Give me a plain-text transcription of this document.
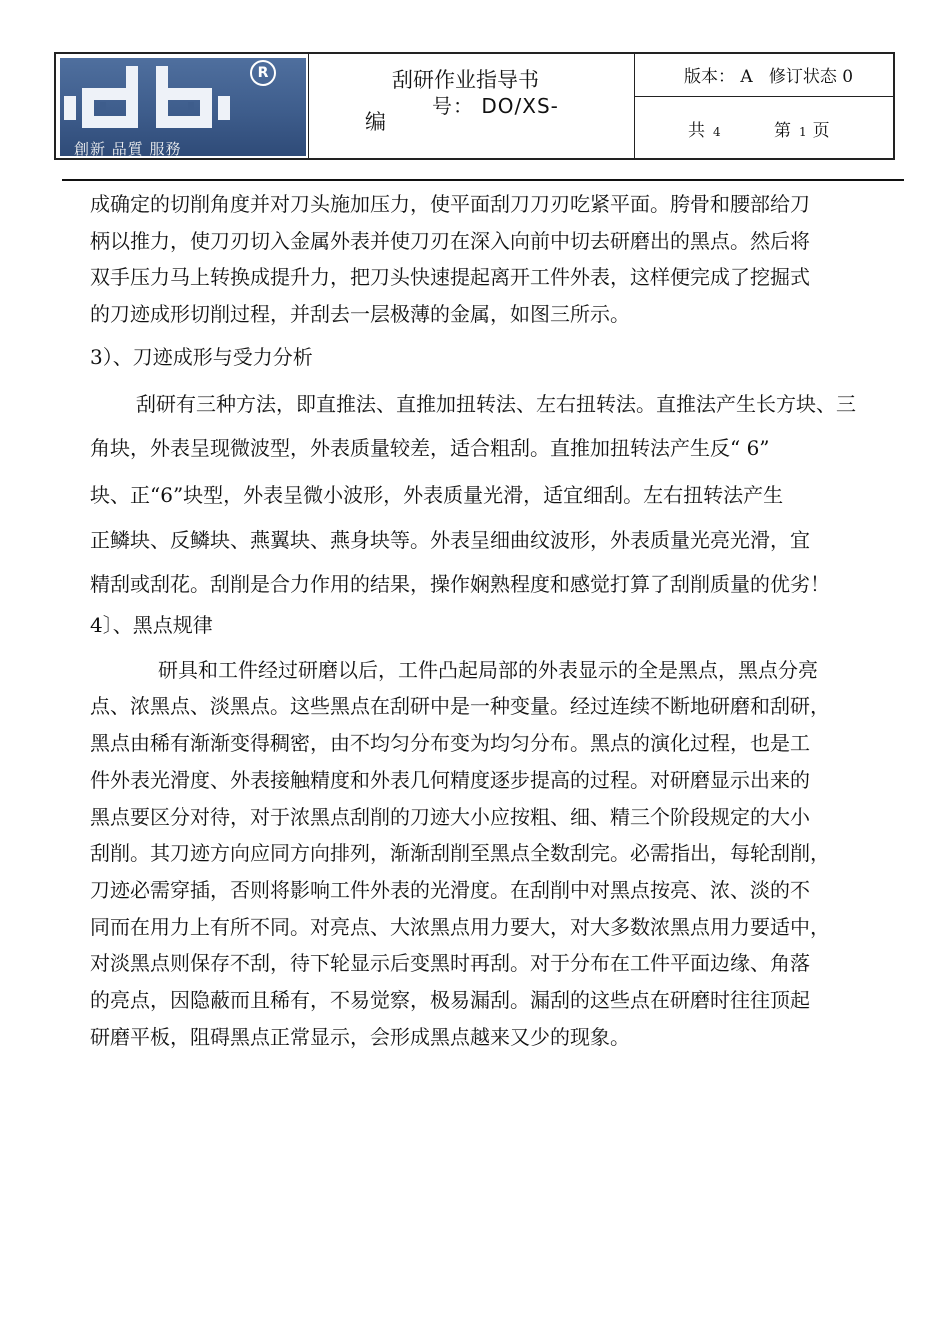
R
創新 品質 服務
刮研作业指导书
号： DO/XS-
编
版本： A   修订状态 0
共 4	第 1 页

成确定的切削角度并对刀头施加压力，使平面刮刀刀刃吃紧平面。胯骨和腰部给刀

柄以推力，使刀刃切入金属外表并使刀刃在深入向前中切去研磨出的黑点。然后将

双手压力马上转换成提升力，把刀头快速提起离开工件外表，这样便完成了挖掘式

的刀迹成形切削过程，并刮去一层极薄的金属，如图三所示。

3）、刀迹成形与受力分析

刮研有三种方法，即直推法、直推加扭转法、左右扭转法。直推法产生长方块、三

角块，外表呈现微波型，外表质量较差，适合粗刮。直推加扭转法产生反“ 6”

块、正“6”块型，外表呈微小波形，外表质量光滑，适宜细刮。左右扭转法产生

正鳞块、反鳞块、燕翼块、燕身块等。外表呈细曲纹波形，外表质量光亮光滑，宜

精刮或刮花。刮削是合力作用的结果，操作娴熟程度和感觉打算了刮削质量的优劣！

4〕、黑点规律

研具和工件经过研磨以后，工件凸起局部的外表显示的全是黑点，黑点分亮

点、浓黑点、淡黑点。这些黑点在刮研中是一种变量。经过连续不断地研磨和刮研，

黑点由稀有渐渐变得稠密，由不均匀分布变为均匀分布。黑点的演化过程，也是工

件外表光滑度、外表接触精度和外表几何精度逐步提高的过程。对研磨显示出来的

黑点要区分对待，对于浓黑点刮削的刀迹大小应按粗、细、精三个阶段规定的大小

刮削。其刀迹方向应同方向排列，渐渐刮削至黑点全数刮完。必需指出，每轮刮削，

刀迹必需穿插，否则将影响工件外表的光滑度。在刮削中对黑点按亮、浓、淡的不

同而在用力上有所不同。对亮点、大浓黑点用力要大，对大多数浓黑点用力要适中，

对淡黑点则保存不刮，待下轮显示后变黑时再刮。对于分布在工件平面边缘、角落

的亮点，因隐蔽而且稀有，不易觉察，极易漏刮。漏刮的这些点在研磨时往往顶起

研磨平板，阻碍黑点正常显示，会形成黑点越来又少的现象。
